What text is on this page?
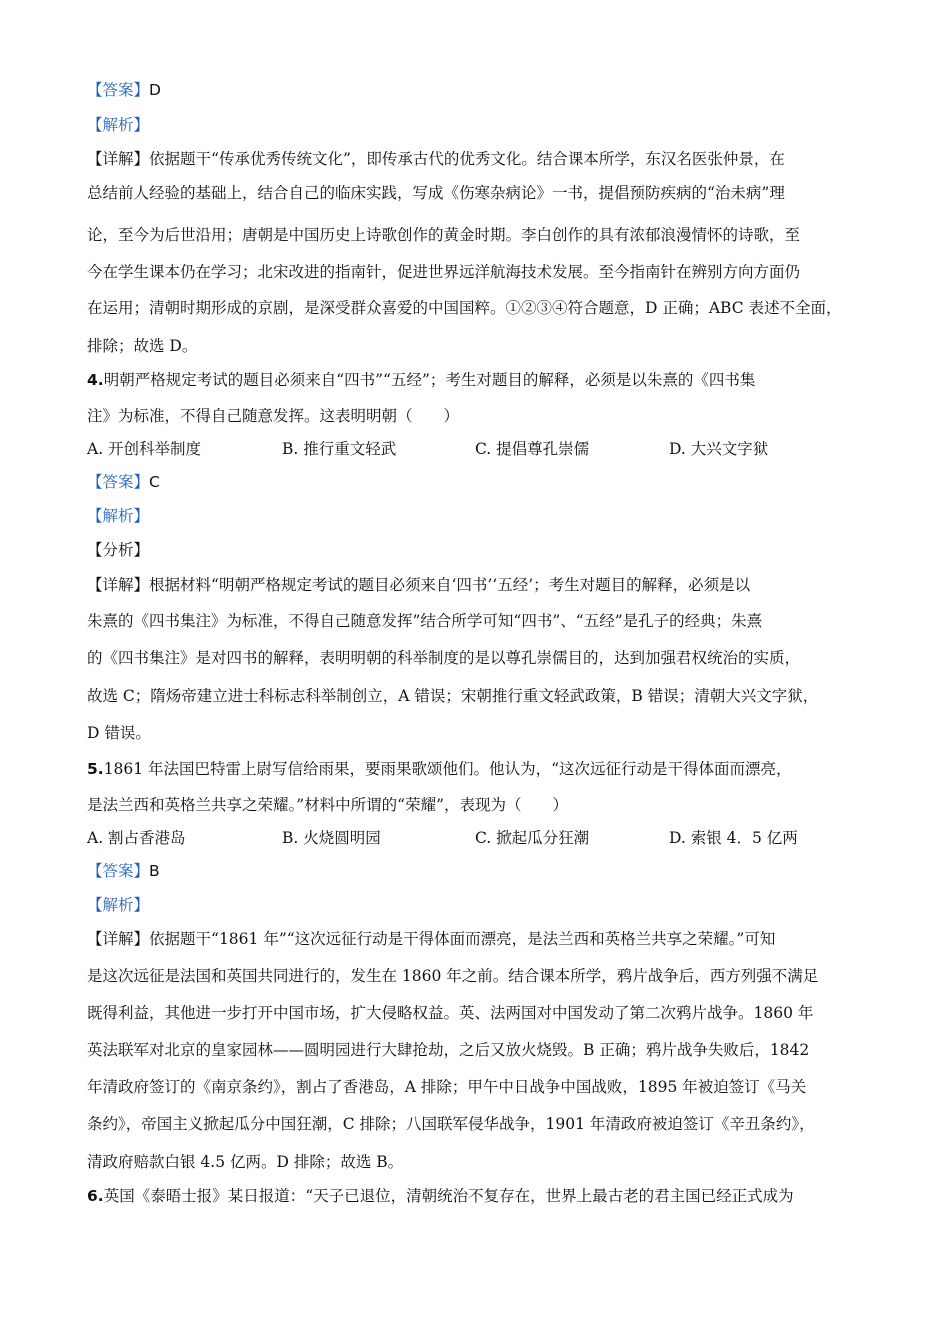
【答案】D
【解析】
【详解】依据题干“传承优秀传统文化”，即传承古代的优秀文化。结合课本所学，东汉名医张仲景，在
总结前人经验的基础上，结合自己的临床实践，写成《伤寒杂病论》一书，提倡预防疾病的“治未病”理
论，至今为后世沿用；唐朝是中国历史上诗歌创作的黄金时期。李白创作的具有浓郁浪漫情怀的诗歌，至
今在学生课本仍在学习；北宋改进的指南针，促进世界远洋航海技术发展。至今指南针在辨别方向方面仍
在运用；清朝时期形成的京剧，是深受群众喜爱的中国国粹。①②③④符合题意，D 正确；ABC 表述不全面，
排除；故选 D。
4.明朝严格规定考试的题目必须来自“四书”“五经”；考生对题目的解释，必须是以朱熹的《四书集
注》为标准，不得自己随意发挥。这表明明朝（　　）
A. 开创科举制度	B. 推行重文轻武	C. 提倡尊孔崇儒	D. 大兴文字狱
【答案】C
【解析】
【分析】
【详解】根据材料“明朝严格规定考试的题目必须来自‘四书’‘五经’；考生对题目的解释，必须是以
朱熹的《四书集注》为标准，不得自己随意发挥”结合所学可知“四书”、“五经”是孔子的经典；朱熹
的《四书集注》是对四书的解释，表明明朝的科举制度的是以尊孔崇儒目的，达到加强君权统治的实质，
故选 C；隋炀帝建立进士科标志科举制创立，A 错误；宋朝推行重文轻武政策，B 错误；清朝大兴文字狱，
D 错误。
5.1861 年法国巴特雷上尉写信给雨果，要雨果歌颂他们。他认为，“这次远征行动是干得体面而漂亮，
是法兰西和英格兰共享之荣耀。”材料中所谓的“荣耀”，表现为（　　）
A. 割占香港岛	B. 火烧圆明园	C. 掀起瓜分狂潮	D. 索银 4．5 亿两
【答案】B
【解析】
【详解】依据题干“1861 年”“这次远征行动是干得体面而漂亮，是法兰西和英格兰共享之荣耀。”可知
是这次远征是法国和英国共同进行的，发生在 1860 年之前。结合课本所学，鸦片战争后，西方列强不满足
既得利益，其他进一步打开中国市场，扩大侵略权益。英、法两国对中国发动了第二次鸦片战争。1860 年
英法联军对北京的皇家园林——圆明园进行大肆抢劫，之后又放火烧毁。B 正确；鸦片战争失败后，1842
年清政府签订的《南京条约》，割占了香港岛，A 排除；甲午中日战争中国战败，1895 年被迫签订《马关
条约》，帝国主义掀起瓜分中国狂潮，C 排除；八国联军侵华战争，1901 年清政府被迫签订《辛丑条约》，
清政府赔款白银 4.5 亿两。D 排除；故选 B。
6.英国《泰晤士报》某日报道：“天子已退位，清朝统治不复存在，世界上最古老的君主国已经正式成为
